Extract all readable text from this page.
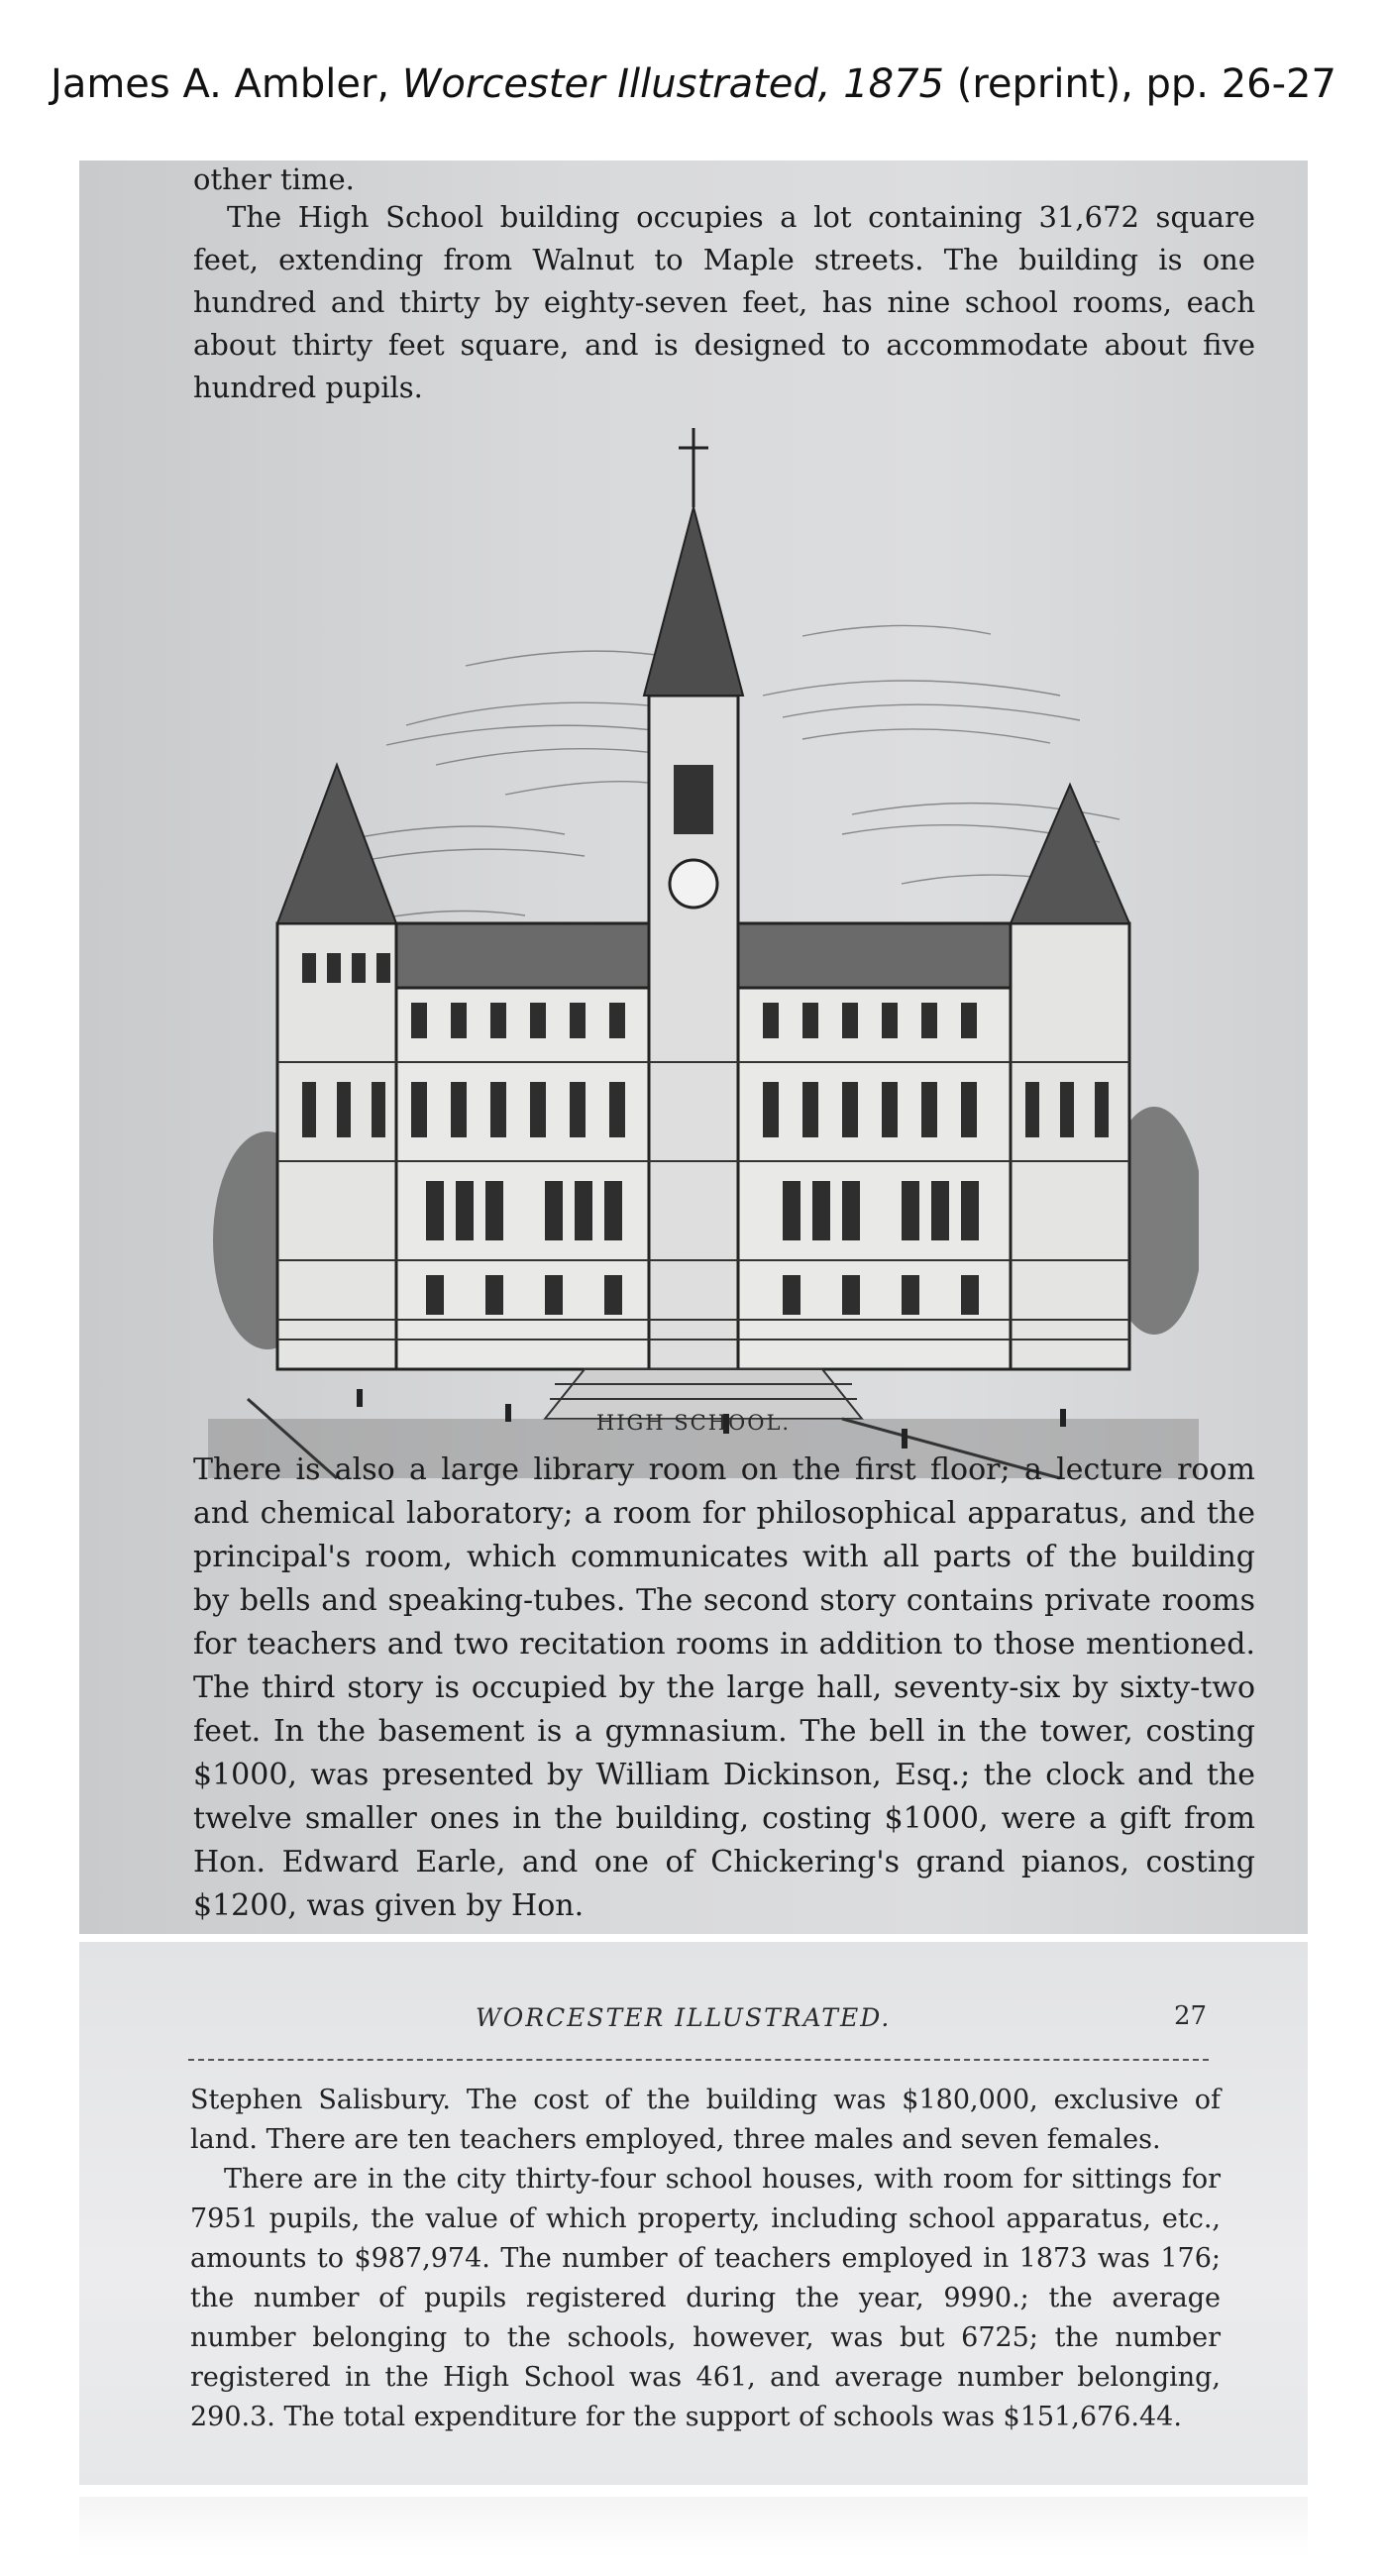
James A. Ambler, Worcester Illustrated, 1875 (reprint), pp. 26-27

other time.

The High School building occupies a lot containing 31,672 square feet, extending from Walnut to Maple streets. The building is one hundred and thirty by eighty-seven feet, has nine school rooms, each about thirty feet square, and is designed to accommodate about five hundred pupils.

HIGH SCHOOL.

There is also a large library room on the first floor; a lecture room and chemical laboratory; a room for philosophical apparatus, and the principal's room, which communicates with all parts of the building by bells and speaking-tubes. The second story contains private rooms for teachers and two recitation rooms in addition to those mentioned. The third story is occupied by the large hall, seventy-six by sixty-two feet. In the basement is a gymnasium. The bell in the tower, costing $1000, was presented by William Dickinson, Esq.; the clock and the twelve smaller ones in the building, costing $1000, were a gift from Hon. Edward Earle, and one of Chickering's grand pianos, costing $1200, was given by Hon.

WORCESTER ILLUSTRATED.	27

Stephen Salisbury. The cost of the building was $180,000, exclusive of land. There are ten teachers employed, three males and seven females.

There are in the city thirty-four school houses, with room for sittings for 7951 pupils, the value of which property, including school apparatus, etc., amounts to $987,974. The number of teachers employed in 1873 was 176; the number of pupils registered during the year, 9990.; the average number belonging to the schools, however, was but 6725; the number registered in the High School was 461, and average number belonging, 290.3. The total expenditure for the support of schools was $151,676.44.
